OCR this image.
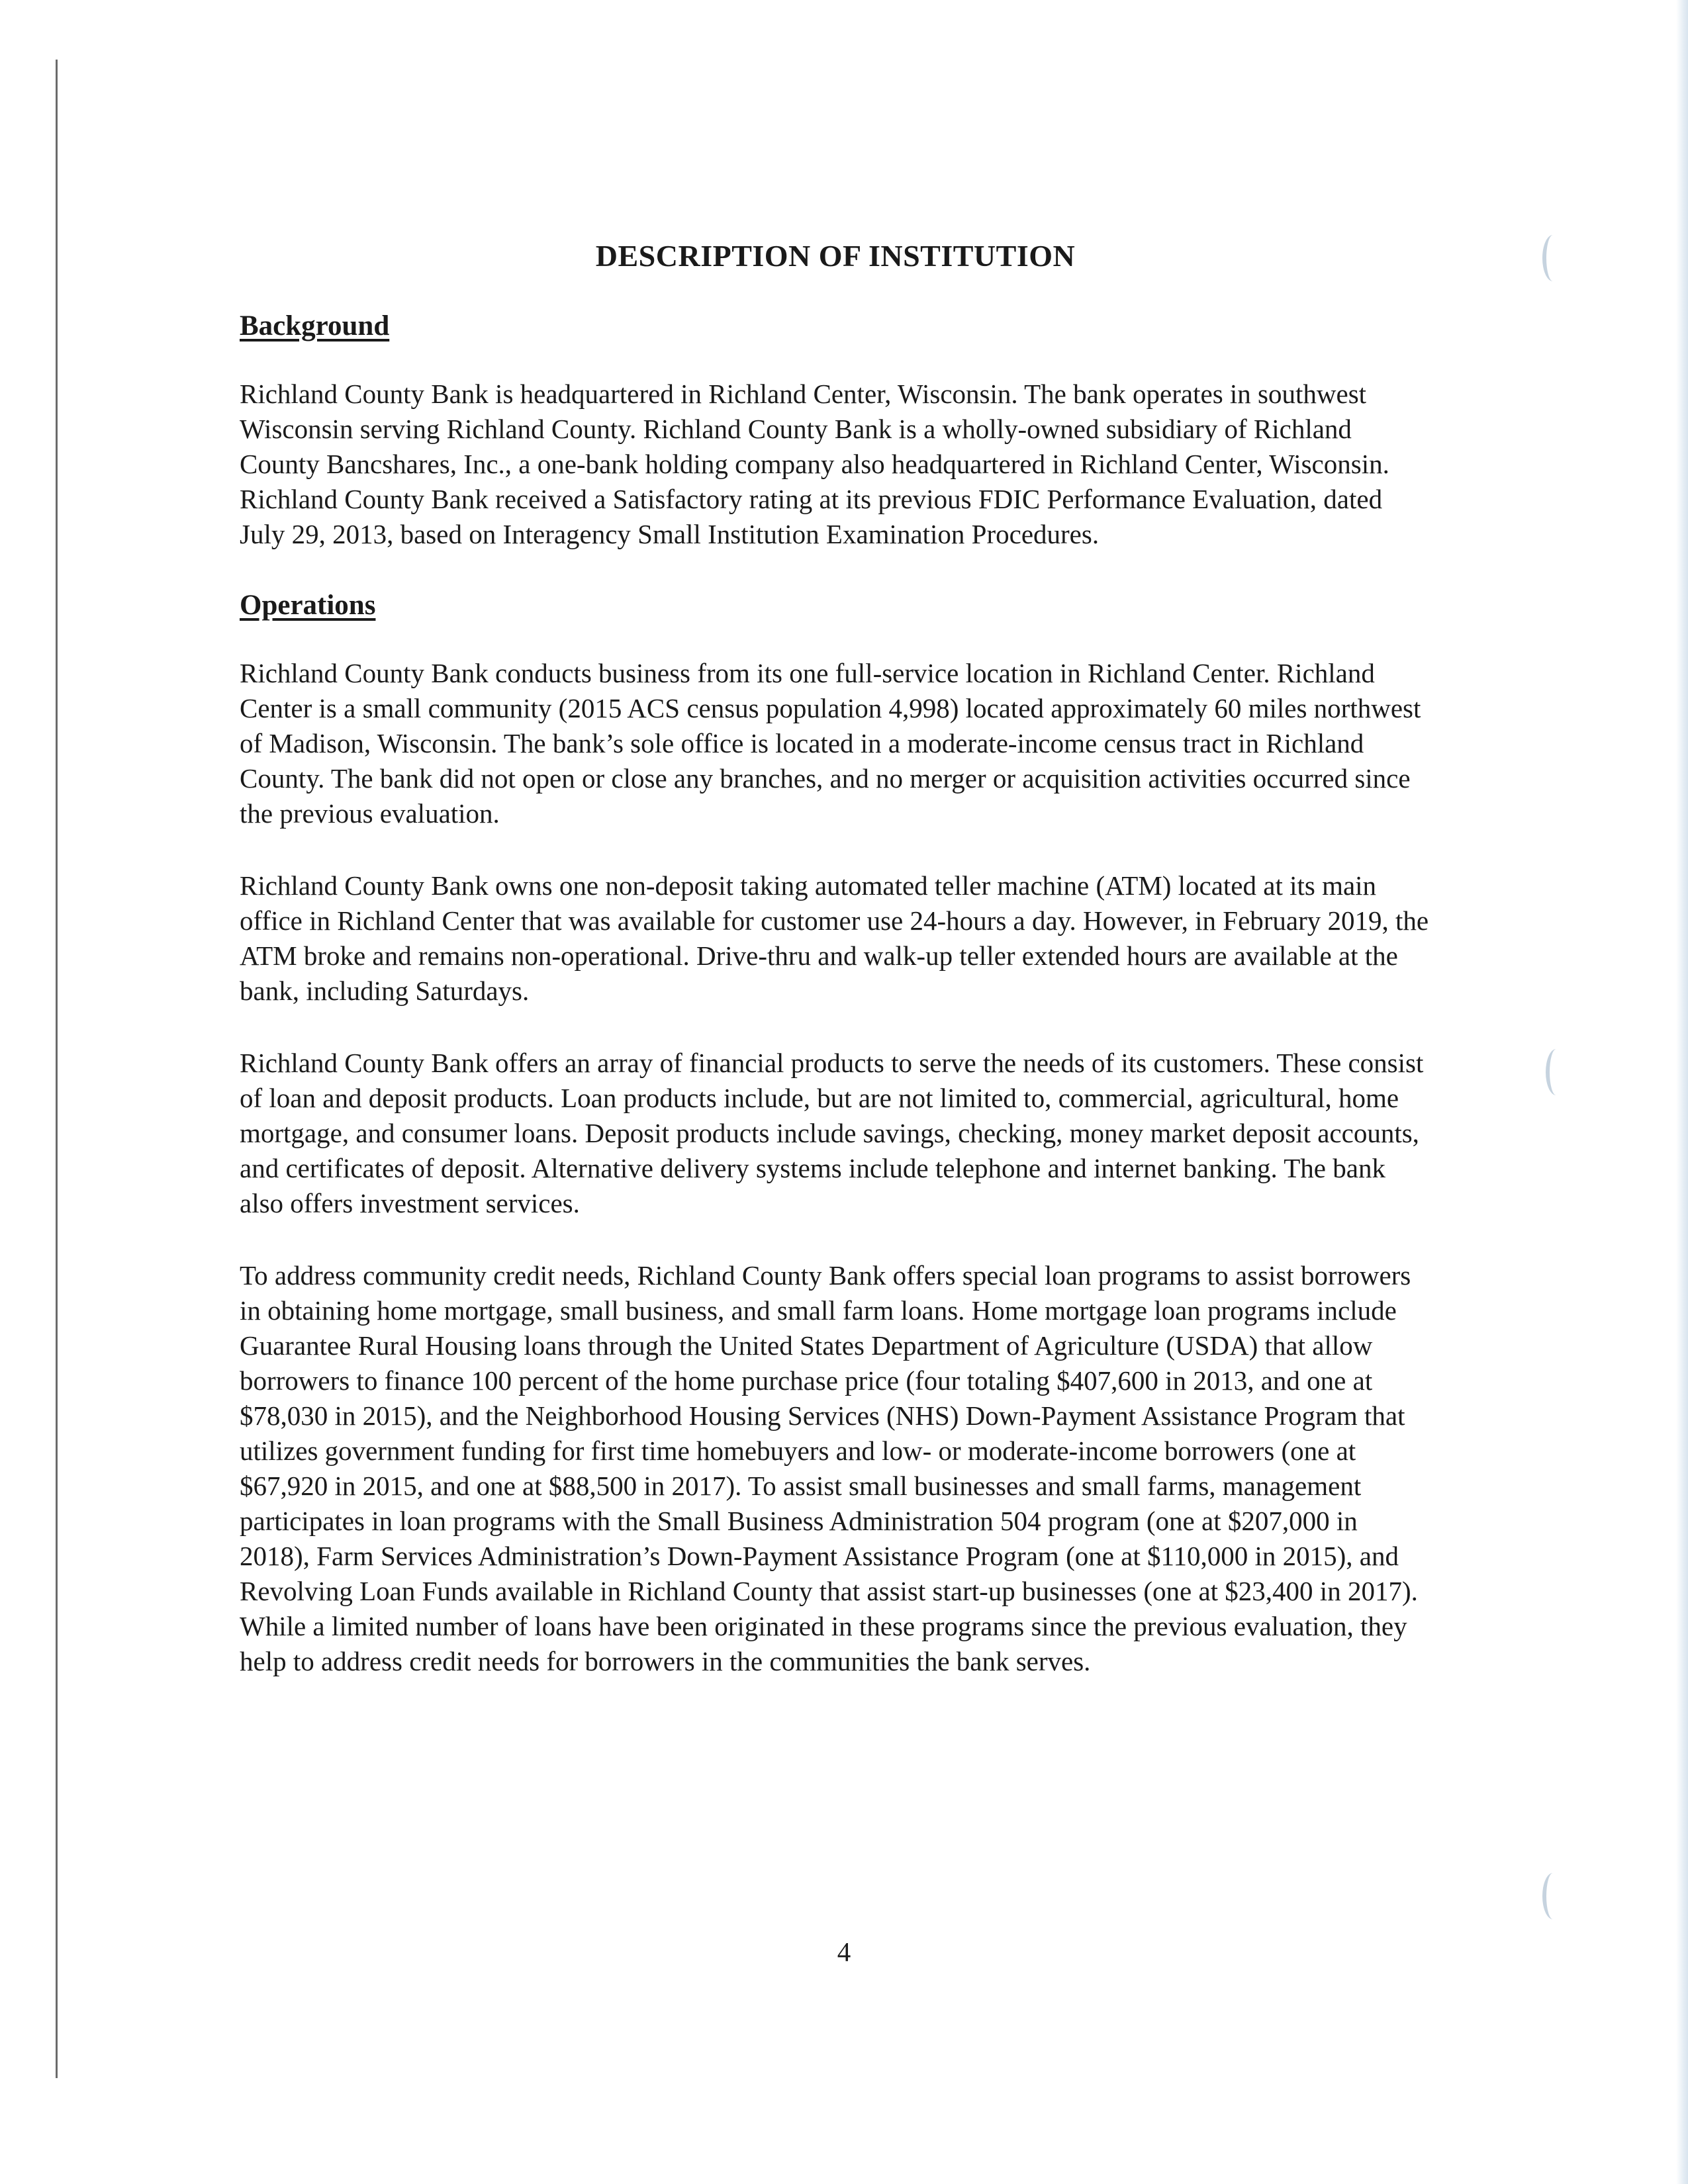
DESCRIPTION OF INSTITUTION
Background

Richland County Bank is headquartered in Richland Center, Wisconsin. The bank operates in southwest Wisconsin serving Richland County. Richland County Bank is a wholly-owned subsidiary of Richland County Bancshares, Inc., a one-bank holding company also headquartered in Richland Center, Wisconsin. Richland County Bank received a Satisfactory rating at its previous FDIC Performance Evaluation, dated July 29, 2013, based on Interagency Small Institution Examination Procedures.

Operations

Richland County Bank conducts business from its one full-service location in Richland Center. Richland Center is a small community (2015 ACS census population 4,998) located approximately 60 miles northwest of Madison, Wisconsin. The bank’s sole office is located in a moderate-income census tract in Richland County. The bank did not open or close any branches, and no merger or acquisition activities occurred since the previous evaluation.

Richland County Bank owns one non-deposit taking automated teller machine (ATM) located at its main office in Richland Center that was available for customer use 24-hours a day. However, in February 2019, the ATM broke and remains non-operational. Drive-thru and walk-up teller extended hours are available at the bank, including Saturdays.

Richland County Bank offers an array of financial products to serve the needs of its customers. These consist of loan and deposit products. Loan products include, but are not limited to, commercial, agricultural, home mortgage, and consumer loans. Deposit products include savings, checking, money market deposit accounts, and certificates of deposit. Alternative delivery systems include telephone and internet banking. The bank also offers investment services.

To address community credit needs, Richland County Bank offers special loan programs to assist borrowers in obtaining home mortgage, small business, and small farm loans. Home mortgage loan programs include Guarantee Rural Housing loans through the United States Department of Agriculture (USDA) that allow borrowers to finance 100 percent of the home purchase price (four totaling $407,600 in 2013, and one at $78,030 in 2015), and the Neighborhood Housing Services (NHS) Down-Payment Assistance Program that utilizes government funding for first time homebuyers and low- or moderate-income borrowers (one at $67,920 in 2015, and one at $88,500 in 2017). To assist small businesses and small farms, management participates in loan programs with the Small Business Administration 504 program (one at $207,000 in 2018), Farm Services Administration’s Down-Payment Assistance Program (one at $110,000 in 2015), and Revolving Loan Funds available in Richland County that assist start-up businesses (one at $23,400 in 2017). While a limited number of loans have been originated in these programs since the previous evaluation, they help to address credit needs for borrowers in the communities the bank serves.

4
